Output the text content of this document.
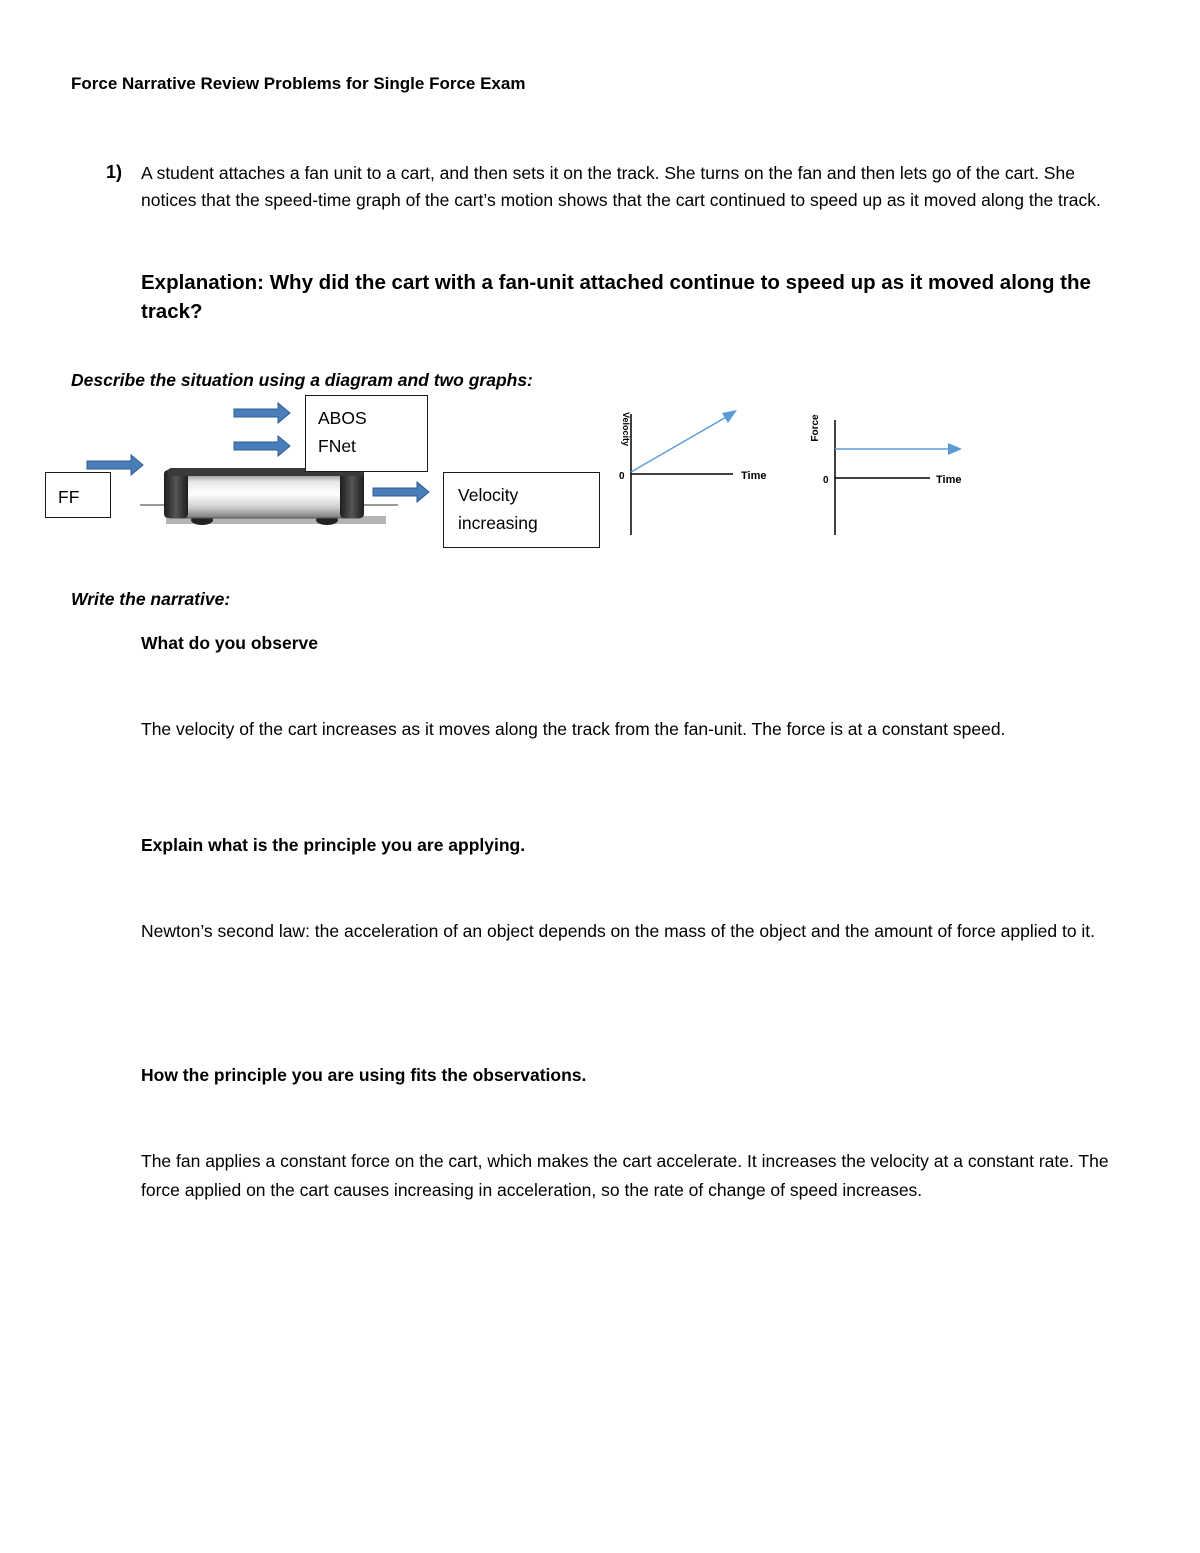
Force Narrative Review Problems for Single Force Exam
1) A student attaches a fan unit to a cart, and then sets it on the track. She turns on the fan and then lets go of the cart. She notices that the speed-time graph of the cart’s motion shows that the cart continued to speed up as it moved along the track.
Explanation: Why did the cart with a fan-unit attached continue to speed up as it moved along the track?
Describe the situation using a diagram and two graphs:
FF
ABOS
FNet
Velocity
increasing
0	Time
Velocity
0	Time
Force
Write the narrative:
What do you observe
The velocity of the cart increases as it moves along the track from the fan-unit. The force is at a constant speed.
Explain what is the principle you are applying.
Newton’s second law: the acceleration of an object depends on the mass of the object and the amount of force applied to it.
How the principle you are using fits the observations.
The fan applies a constant force on the cart, which makes the cart accelerate. It increases the velocity at a constant rate. The force applied on the cart causes increasing in acceleration, so the rate of change of speed increases.
